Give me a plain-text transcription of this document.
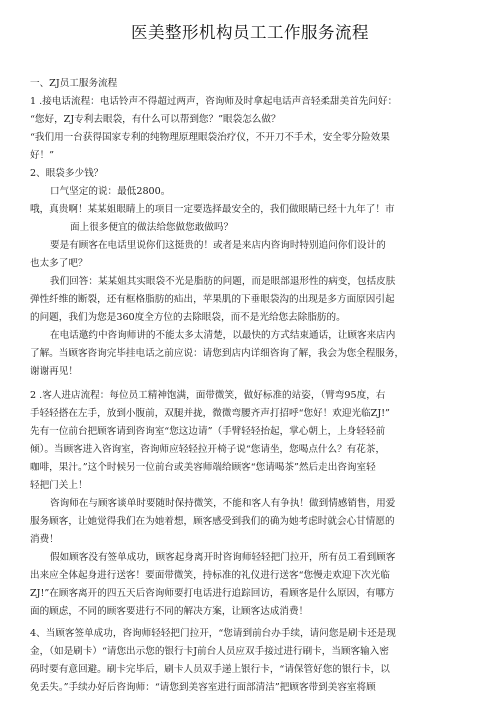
医美整形机构员工工作服务流程
一、ZJ员工服务流程
1 .接电话流程：电话铃声不得超过两声，咨询师及时拿起电话声音轻柔甜美首先问好：
“您好，ZJ专利去眼袋，有什么可以帮到您？”眼袋怎么做？
“我们用一台获得国家专利的纯物理原理眼袋治疗仪，不开刀不手术，安全零分险效果
好！”
2、眼袋多少钱？
口气坚定的说：最低2800。
哦，真贵啊！某某姐眼睛上的项目一定要选择最安全的，我们做眼睛已经十九年了！市
面上很多便宜的做法给您做您敢做吗？
要是有顾客在电话里说你们这挺贵的！或者是来店内咨询时特别追问你们设计的
也太多了吧？
我们回答：某某姐其实眼袋不光是脂肪的问题，而是眼部退形性的病变，包括皮肤
弹性纤维的断裂，还有框格脂肪的疝出，苹果肌的下垂眼袋沟的出现是多方面原因引起
的问题，我们为您是360度全方位的去除眼袋，而不是光给您去除脂肪的。
在电话邀约中咨询师讲的不能太多太清楚，以最快的方式结束通话，让顾客来店内
了解。当顾客咨询完毕挂电话之前应说：请您到店内详细咨询了解，我会为您全程服务，
谢谢再见！
2 .客人进店流程：每位员工精神饱满，面带微笑，做好标准的站姿，（臂弯95度，右
手轻轻搭在左手，放到小腹前，双腿并拢，微微弯腰齐声打招呼“您好！欢迎光临ZJ!”
先有一位前台把顾客请到咨询室“您这边请”（手臂轻轻抬起，掌心朝上，上身轻轻前
倾）。当顾客进入咨询室，咨询师应轻轻拉开椅子说“您请坐，您喝点什么？有花茶，
咖啡，果汁。”这个时候另一位前台或美容师端给顾客“您请喝茶”然后走出咨询室轻
轻把门关上！
咨询师在与顾客谈单时要随时保持微笑，不能和客人有争执！做到情感销售，用爱
服务顾客，让她觉得我们在为她着想，顾客感受到我们的确为她考虑时就会心甘情愿的
消费！
假如顾客没有签单成功，顾客起身离开时咨询师轻轻把门拉开，所有员工看到顾客
出来应全体起身进行送客！要面带微笑，持标准的礼仪进行送客“您慢走欢迎下次光临
ZJ!”在顾客离开的四五天后咨询师要打电话进行追踪回访，看顾客是什么原因，有哪方
面的顾虑，不同的顾客要进行不同的解决方案，让顾客达成消费！
4、当顾客签单成功，咨询师轻轻把门拉开，“您请到前台办手续，请问您是刷卡还是现
金，（如是刷卡）“请您出示您的银行卡J前台人员应双手接过进行刷卡，当顾客输入密
码时要有意回避。刷卡完毕后，刷卡人员双手递上银行卡，“请保管好您的银行卡，以
免丢失。”手续办好后咨询师：“请您到美容室进行面部清洁”把顾客带到美容室将顾
